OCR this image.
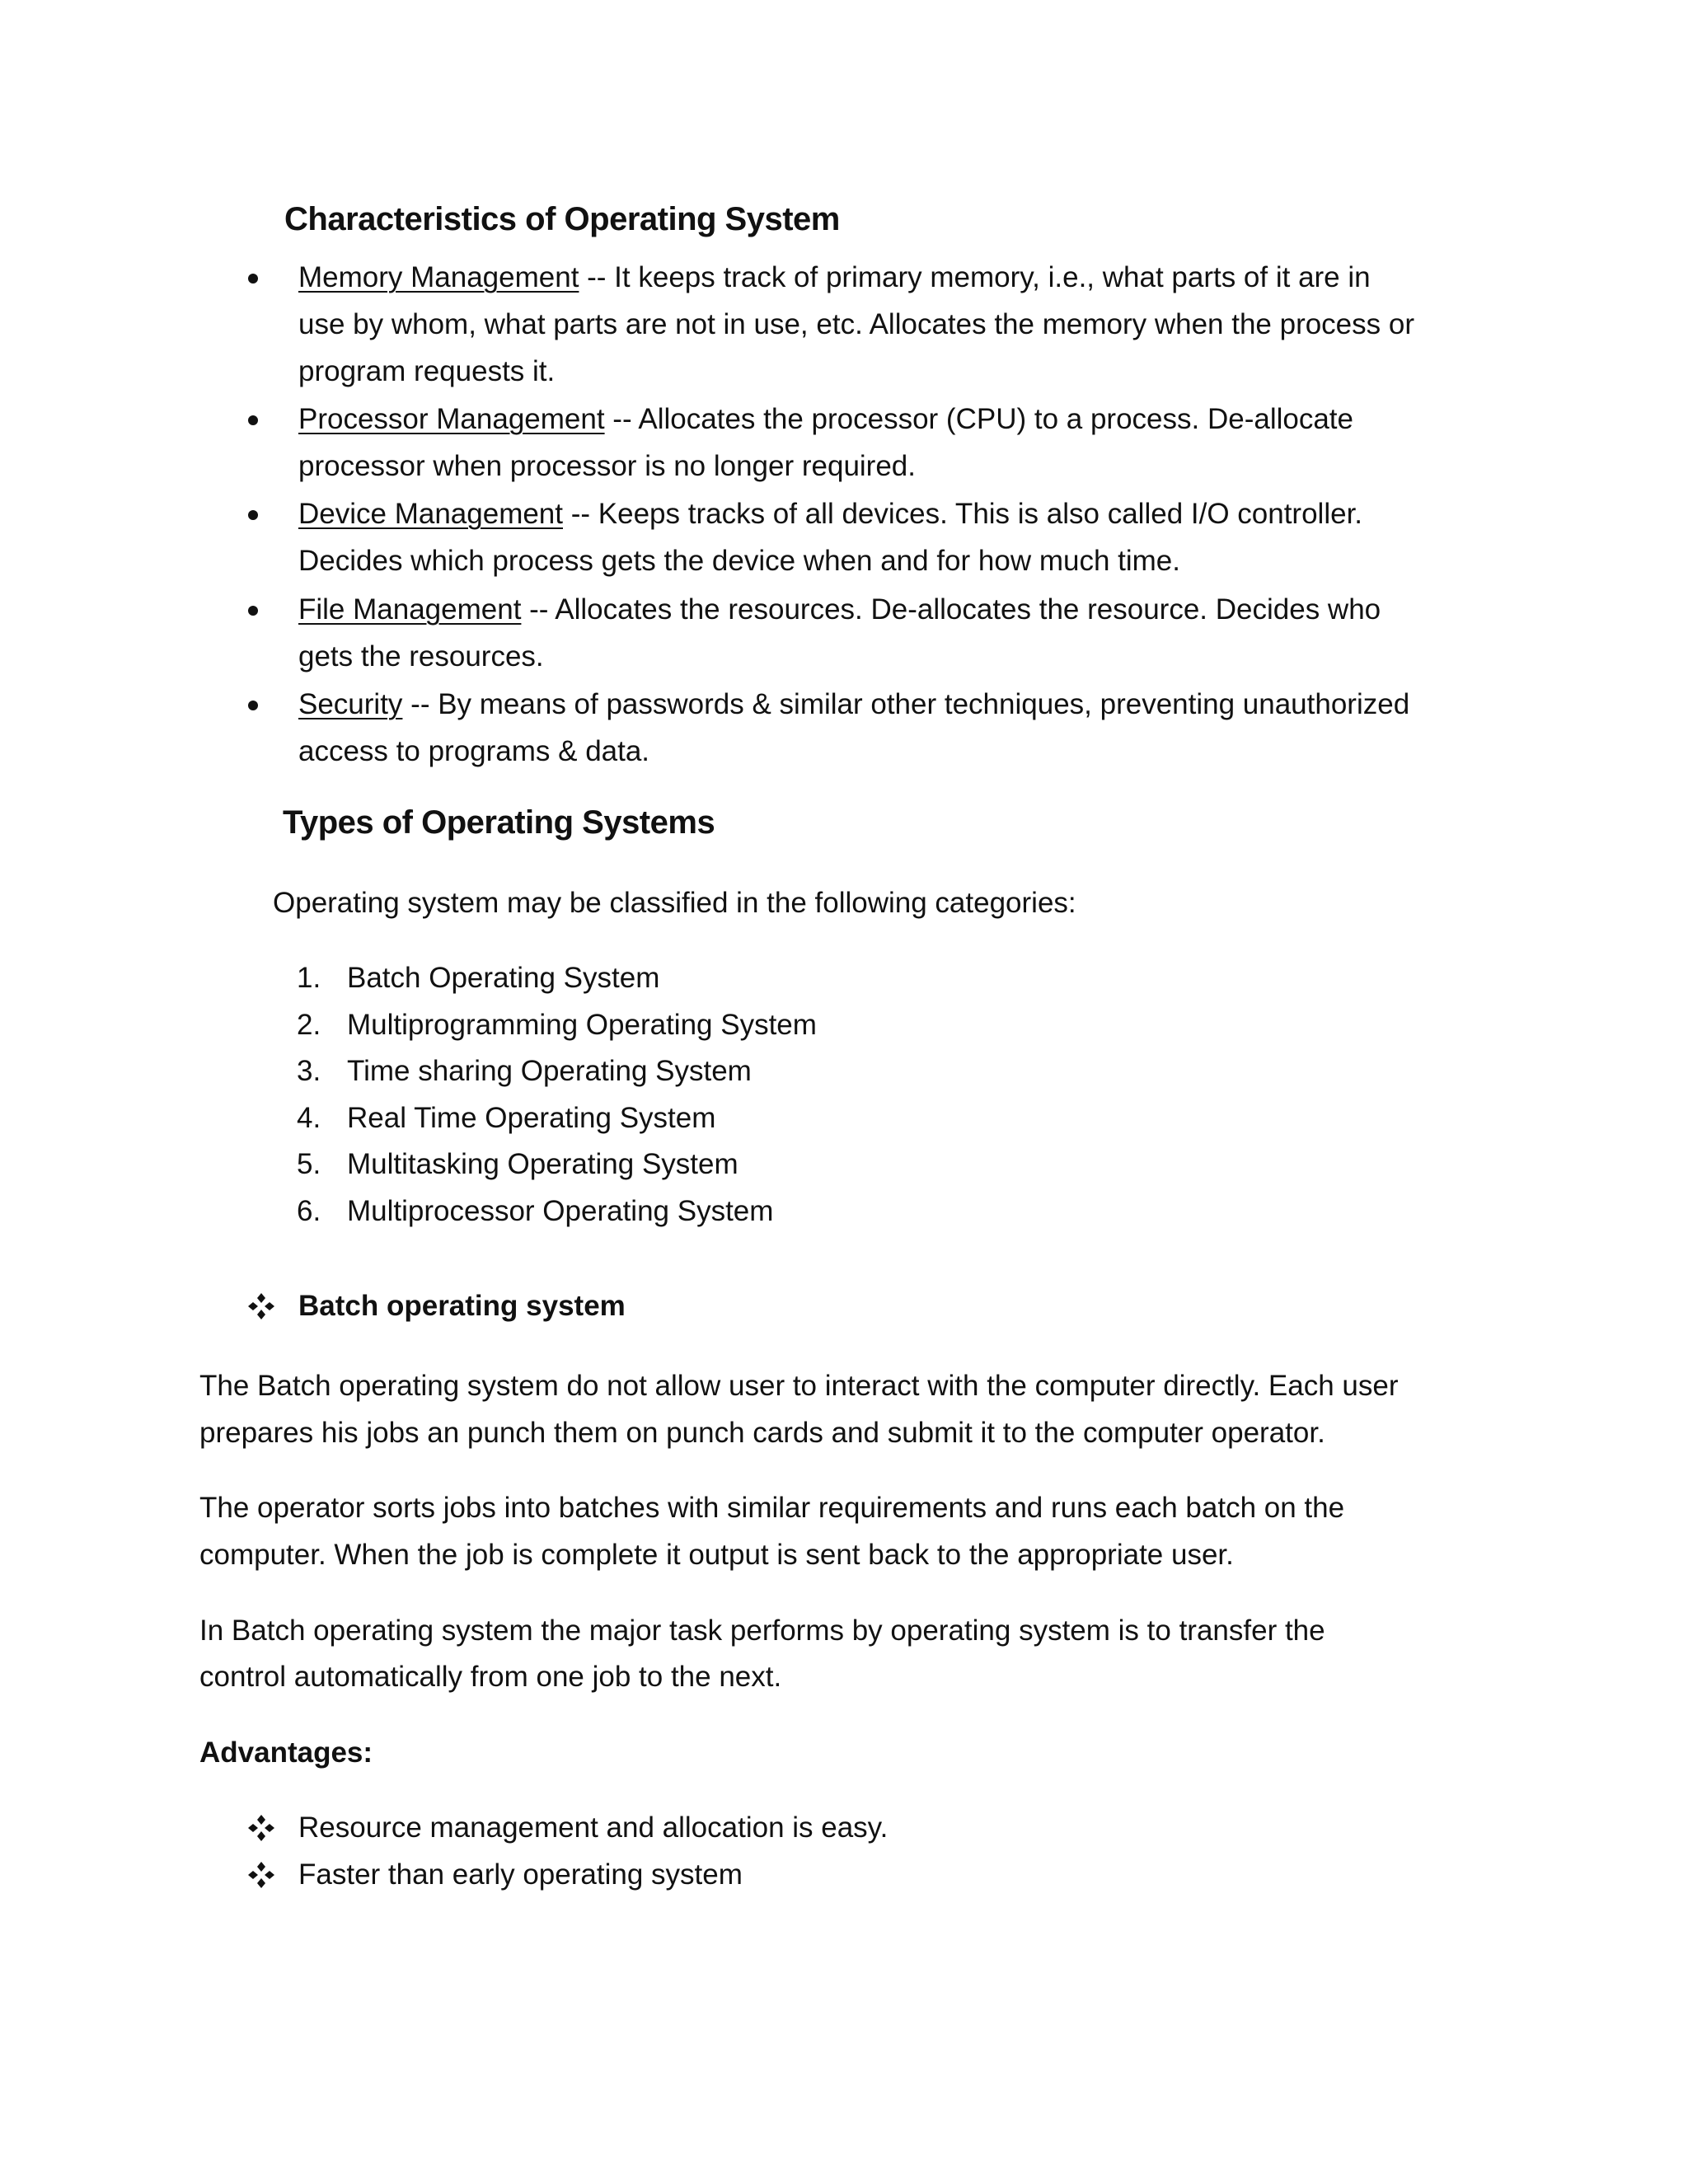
Characteristics of Operating System

Memory Management -- It keeps track of primary memory, i.e., what parts of it are in

use by whom, what parts are not in use, etc. Allocates the memory when the process or

program requests it.

Processor Management -- Allocates the processor (CPU) to a process. De-allocate

processor when processor is no longer required.

Device Management -- Keeps tracks of all devices. This is also called I/O controller.

Decides which process gets the device when and for how much time.

File Management -- Allocates the resources. De-allocates the resource. Decides who

gets the resources.

Security -- By means of passwords & similar other techniques, preventing unauthorized

access to programs & data.

Types of Operating Systems

Operating system may be classified in the following categories:

1. Batch Operating System

2. Multiprogramming Operating System

3. Time sharing Operating System

4. Real Time Operating System

5. Multitasking Operating System

6. Multiprocessor Operating System

Batch operating system

The Batch operating system do not allow user to interact with the computer directly. Each user

prepares his jobs an punch them on punch cards and submit it to the computer operator.

The operator sorts jobs into batches with similar requirements and runs each batch on the

computer. When the job is complete it output is sent back to the appropriate user.

In Batch operating system the major task performs by operating system is to transfer the

control automatically from one job to the next.

Advantages:

Resource management and allocation is easy.

Faster than early operating system
